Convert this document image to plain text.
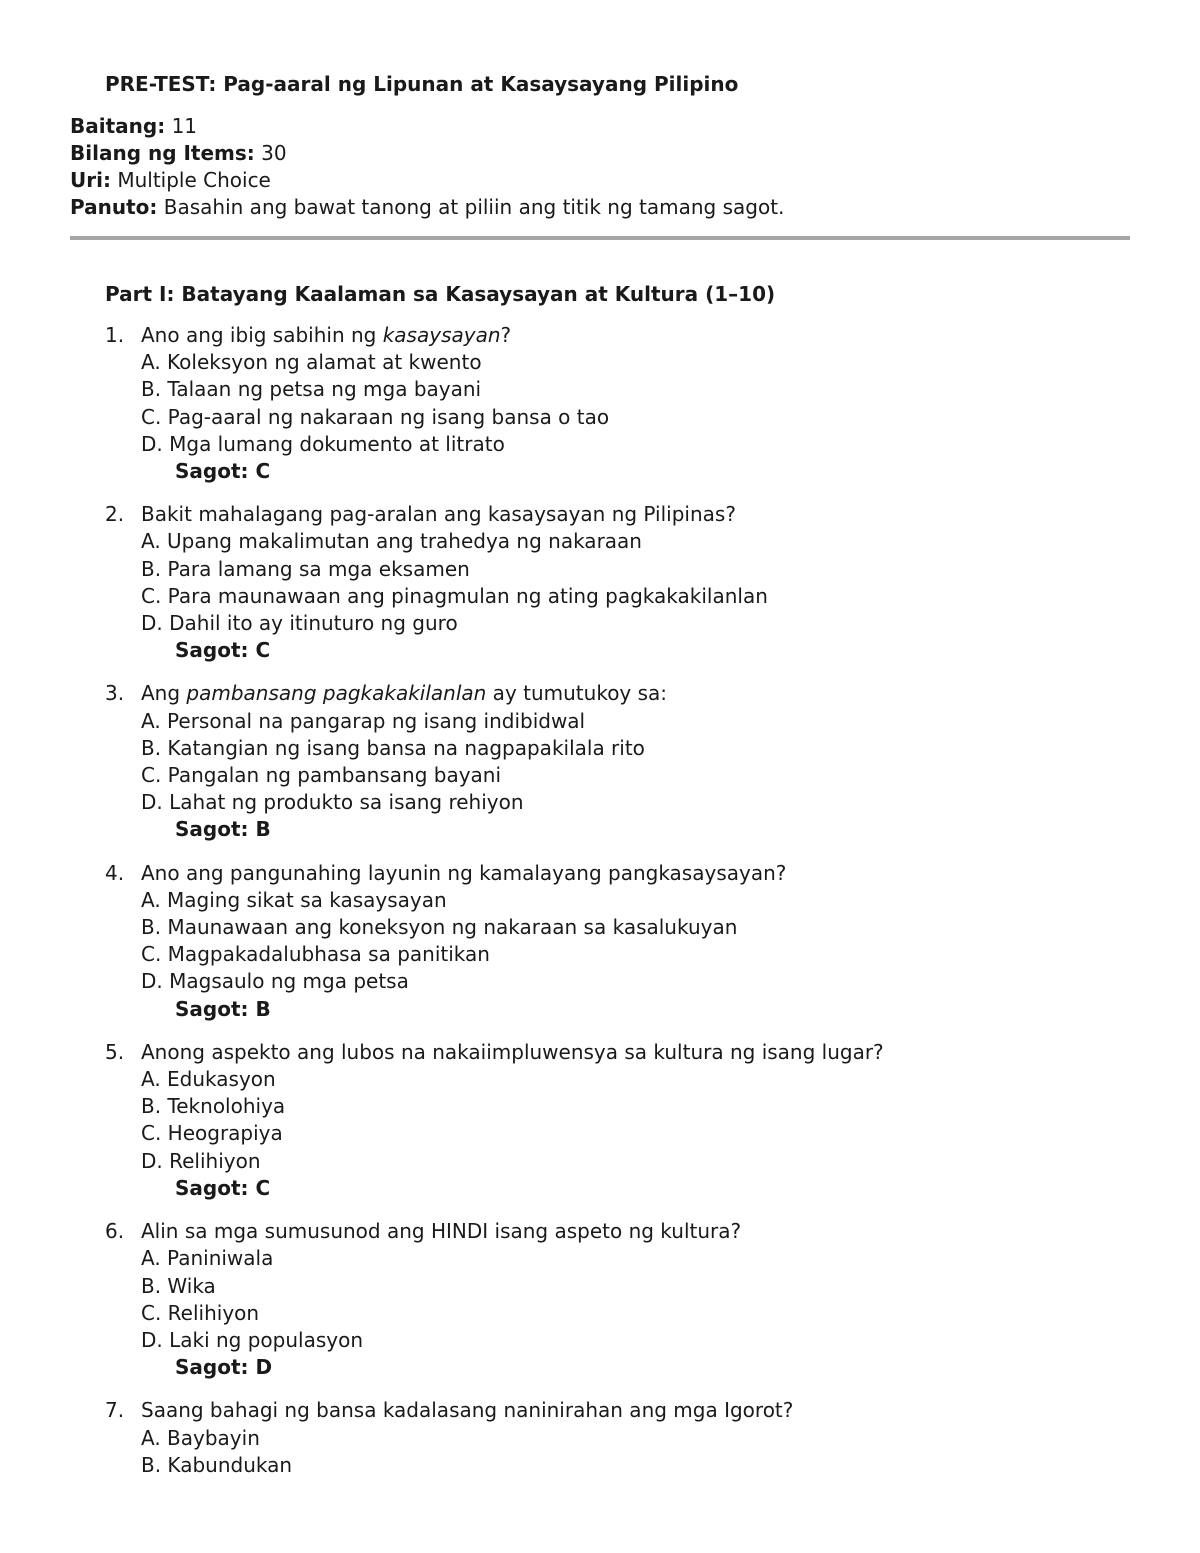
PRE-TEST: Pag-aaral ng Lipunan at Kasaysayang Pilipino
Baitang: 11
Bilang ng Items: 30
Uri: Multiple Choice
Panuto: Basahin ang bawat tanong at piliin ang titik ng tamang sagot.
Part I: Batayang Kaalaman sa Kasaysayan at Kultura (1–10)
1. Ano ang ibig sabihin ng kasaysayan?
A. Koleksyon ng alamat at kwento
B. Talaan ng petsa ng mga bayani
C. Pag-aaral ng nakaraan ng isang bansa o tao
D. Mga lumang dokumento at litrato
Sagot: C
2. Bakit mahalagang pag-aralan ang kasaysayan ng Pilipinas?
A. Upang makalimutan ang trahedya ng nakaraan
B. Para lamang sa mga eksamen
C. Para maunawaan ang pinagmulan ng ating pagkakakilanlan
D. Dahil ito ay itinuturo ng guro
Sagot: C
3. Ang pambansang pagkakakilanlan ay tumutukoy sa:
A. Personal na pangarap ng isang indibidwal
B. Katangian ng isang bansa na nagpapakilala rito
C. Pangalan ng pambansang bayani
D. Lahat ng produkto sa isang rehiyon
Sagot: B
4. Ano ang pangunahing layunin ng kamalayang pangkasaysayan?
A. Maging sikat sa kasaysayan
B. Maunawaan ang koneksyon ng nakaraan sa kasalukuyan
C. Magpakadalubhasa sa panitikan
D. Magsaulo ng mga petsa
Sagot: B
5. Anong aspekto ang lubos na nakaiimpluwensya sa kultura ng isang lugar?
A. Edukasyon
B. Teknolohiya
C. Heograpiya
D. Relihiyon
Sagot: C
6. Alin sa mga sumusunod ang HINDI isang aspeto ng kultura?
A. Paniniwala
B. Wika
C. Relihiyon
D. Laki ng populasyon
Sagot: D
7. Saang bahagi ng bansa kadalasang naninirahan ang mga Igorot?
A. Baybayin
B. Kabundukan
